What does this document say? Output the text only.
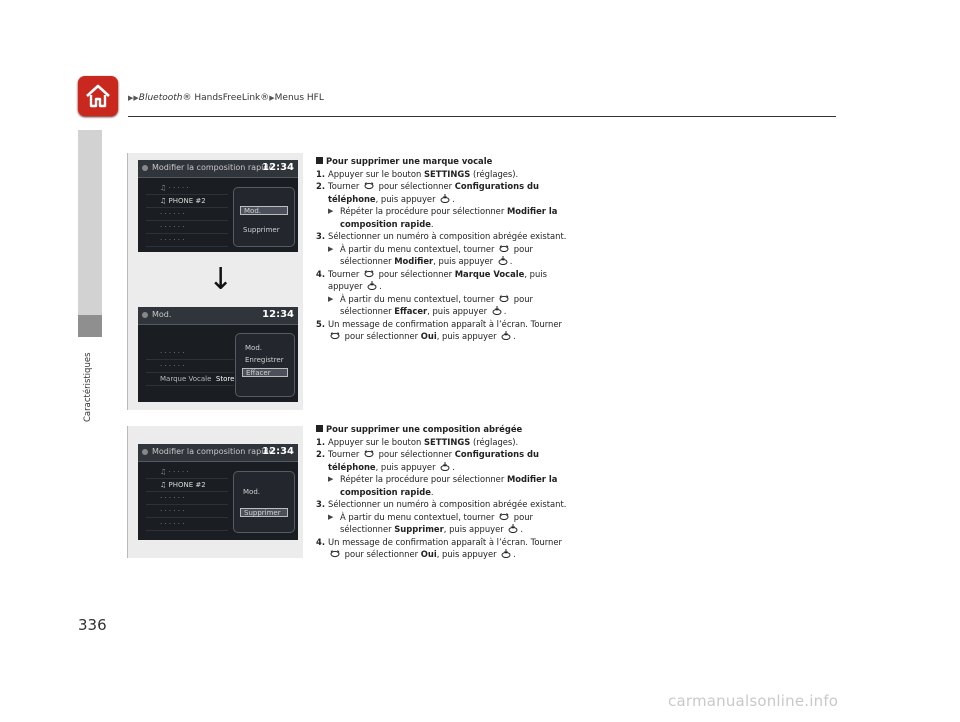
▶▶Bluetooth® HandsFreeLink®▶Menus HFL
Caractéristiques
336
Modifier la composition rapide
12:34
♫ · · · · ·
♫ PHONE #2
· · · · · ·
· · · · · ·
· · · · · ·
Mod.
Supprimer
↓
Mod.	12:34
· · · · · ·
· · · · · ·
Marque Vocale Store
Mod.
Enregistrer
Effacer
Modifier la composition rapide
12:34
♫ · · · · ·
♫ PHONE #2
· · · · · ·
· · · · · ·
· · · · · ·
Mod.
Supprimer
Pour supprimer une marque vocale
1. Appuyer sur le bouton SETTINGS (réglages).
2. Tourner  pour sélectionner Configurations du téléphone, puis appuyer .
▶ Répéter la procédure pour sélectionner Modifier la composition rapide.
3. Sélectionner un numéro à composition abrégée existant.
▶ À partir du menu contextuel, tourner  pour sélectionner Modifier, puis appuyer .
4. Tourner  pour sélectionner Marque Vocale, puis appuyer .
▶ À partir du menu contextuel, tourner  pour sélectionner Effacer, puis appuyer .
5. Un message de confirmation apparaît à l’écran. Tourner  pour sélectionner Oui, puis appuyer .
Pour supprimer une composition abrégée
1. Appuyer sur le bouton SETTINGS (réglages).
2. Tourner  pour sélectionner Configurations du téléphone, puis appuyer .
▶ Répéter la procédure pour sélectionner Modifier la composition rapide.
3. Sélectionner un numéro à composition abrégée existant.
▶ À partir du menu contextuel, tourner  pour sélectionner Supprimer, puis appuyer .
4. Un message de confirmation apparaît à l’écran. Tourner  pour sélectionner Oui, puis appuyer .
carmanualsonline.info
